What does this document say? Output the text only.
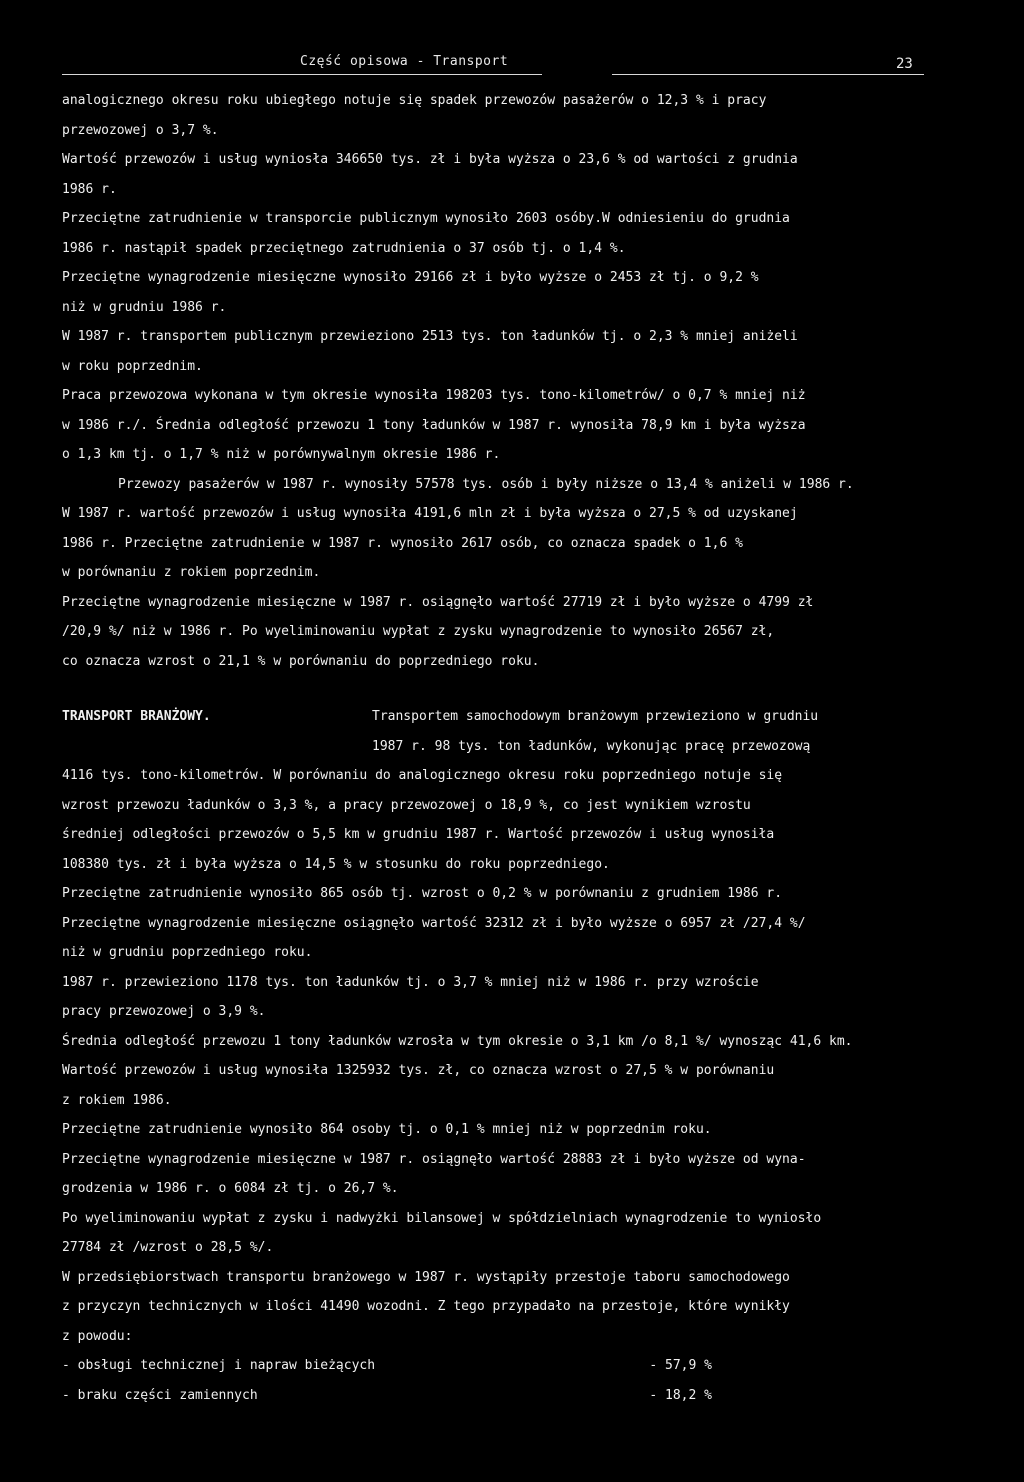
Część opisowa - Transport	23
analogicznego okresu roku ubiegłego notuje się spadek przewozów pasażerów o 12,3 % i pracy
przewozowej o 3,7 %.
Wartość przewozów i usług wyniosła 346650 tys. zł i była wyższa o 23,6 % od wartości z grudnia
1986 r.
Przeciętne zatrudnienie w transporcie publicznym wynosiło 2603 osóby.W odniesieniu do grudnia
1986 r. nastąpił spadek przeciętnego zatrudnienia o 37 osób tj. o 1,4 %.
Przeciętne wynagrodzenie miesięczne wynosiło 29166 zł i było wyższe o 2453 zł tj. o 9,2 %
niż w grudniu 1986 r.
W 1987 r. transportem publicznym przewieziono 2513 tys. ton ładunków tj. o 2,3 % mniej aniżeli
w roku poprzednim.
Praca przewozowa wykonana w tym okresie wynosiła 198203 tys. tono-kilometrów/ o 0,7 % mniej niż
w 1986 r./. Średnia odległość przewozu 1 tony ładunków w 1987 r. wynosiła 78,9 km i była wyższa
o 1,3 km tj. o 1,7 % niż w porównywalnym okresie 1986 r.
Przewozy pasażerów w 1987 r. wynosiły 57578 tys. osób i były niższe o 13,4 % aniżeli w 1986 r.
W 1987 r. wartość przewozów i usług wynosiła 4191,6 mln zł i była wyższa o 27,5 % od uzyskanej
1986 r. Przeciętne zatrudnienie w 1987 r. wynosiło 2617 osób, co oznacza spadek o 1,6 %
w porównaniu z rokiem poprzednim.
Przeciętne wynagrodzenie miesięczne w 1987 r. osiągnęło wartość 27719 zł i było wyższe o 4799 zł
/20,9 %/ niż w 1986 r. Po wyeliminowaniu wypłat z zysku wynagrodzenie to wynosiło 26567 zł,
co oznacza wzrost o 21,1 % w porównaniu do poprzedniego roku.
TRANSPORT BRANŻOWY.	Transportem samochodowym branżowym przewieziono w grudniu
1987 r. 98 tys. ton ładunków, wykonując pracę przewozową
4116 tys. tono-kilometrów. W porównaniu do analogicznego okresu roku poprzedniego notuje się
wzrost przewozu ładunków o 3,3 %, a pracy przewozowej o 18,9 %, co jest wynikiem wzrostu
średniej odległości przewozów o 5,5 km w grudniu 1987 r. Wartość przewozów i usług wynosiła
108380 tys. zł i była wyższa o 14,5 % w stosunku do roku poprzedniego.
Przeciętne zatrudnienie wynosiło 865 osób tj. wzrost o 0,2 % w porównaniu z grudniem 1986 r.
Przeciętne wynagrodzenie miesięczne osiągnęło wartość 32312 zł i było wyższe o 6957 zł /27,4 %/
niż w grudniu poprzedniego roku.
1987 r. przewieziono 1178 tys. ton ładunków tj. o 3,7 % mniej niż w 1986 r. przy wzroście
pracy przewozowej o 3,9 %.
Średnia odległość przewozu 1 tony ładunków wzrosła w tym okresie o 3,1 km /o 8,1 %/ wynosząc 41,6 km.
Wartość przewozów i usług wynosiła 1325932 tys. zł, co oznacza wzrost o 27,5 % w porównaniu
z rokiem 1986.
Przeciętne zatrudnienie wynosiło 864 osoby tj. o 0,1 % mniej niż w poprzednim roku.
Przeciętne wynagrodzenie miesięczne w 1987 r. osiągnęło wartość 28883 zł i było wyższe od wyna-
grodzenia w 1986 r. o 6084 zł tj. o 26,7 %.
Po wyeliminowaniu wypłat z zysku i nadwyżki bilansowej w spółdzielniach wynagrodzenie to wyniosło
27784 zł /wzrost o 28,5 %/.
W przedsiębiorstwach transportu branżowego w 1987 r. wystąpiły przestoje taboru samochodowego
z przyczyn technicznych w ilości 41490 wozodni. Z tego przypadało na przestoje, które wynikły
z powodu:
- obsługi technicznej i napraw bieżących	- 57,9 %
- braku części zamiennych	- 18,2 %
